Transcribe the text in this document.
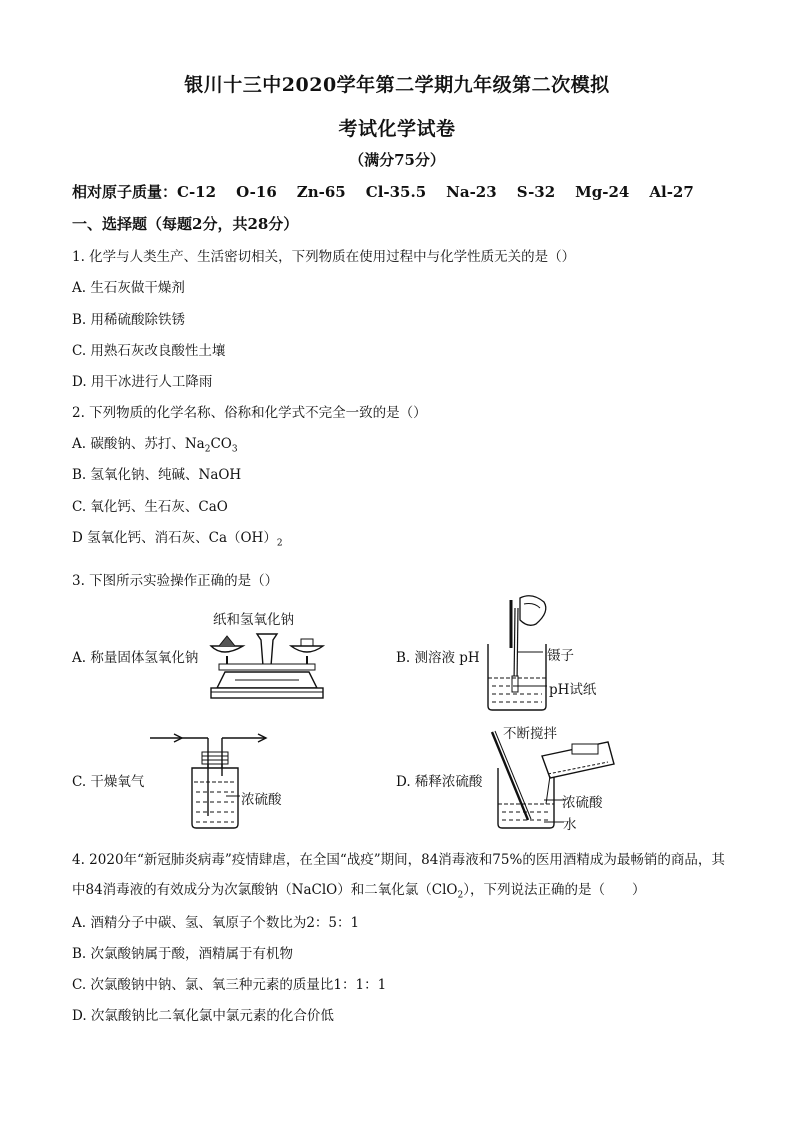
银川十三中2020学年第二学期九年级第二次模拟
考试化学试卷
（满分75分）
相对原子质量：C-12 O-16 Zn-65 Cl-35.5 Na-23 S-32 Mg-24 Al-27
一、选择题（每题2分，共28分）
1. 化学与人类生产、生活密切相关，下列物质在使用过程中与化学性质无关的是（）
A. 生石灰做干燥剂
B. 用稀硫酸除铁锈
C. 用熟石灰改良酸性土壤
D. 用干冰进行人工降雨
2. 下列物质的化学名称、俗称和化学式不完全一致的是（）
A. 碳酸钠、苏打、$Na_2CO_3$
B. 氢氧化钠、纯碱、NaOH
C. 氧化钙、生石灰、CaO
D 氢氧化钙、消石灰、$Ca(OH)_2$
3. 下图所示实验操作正确的是（）
A. 称量固体氢氧化钠
纸和氢氧化钠
B. 测溶液 pH	镊子
pH试纸
C. 干燥氧气
浓硫酸
D. 稀释浓硫酸
不断搅拌
浓硫酸
水
4. 2020年“新冠肺炎病毒”疫情肆虐，在全国“战疫”期间，84消毒液和75%的医用酒精成为最畅销的商品，其中84消毒液的有效成分为次氯酸钠（NaClO）和二氧化氯（ClO$_2$），下列说法正确的是（　　）
A. 酒精分子中碳、氢、氧原子个数比为2：5：1
B. 次氯酸钠属于酸，酒精属于有机物
C. 次氯酸钠中钠、氯、氧三种元素的质量比1：1：1
D. 次氯酸钠比二氧化氯中氯元素的化合价低
